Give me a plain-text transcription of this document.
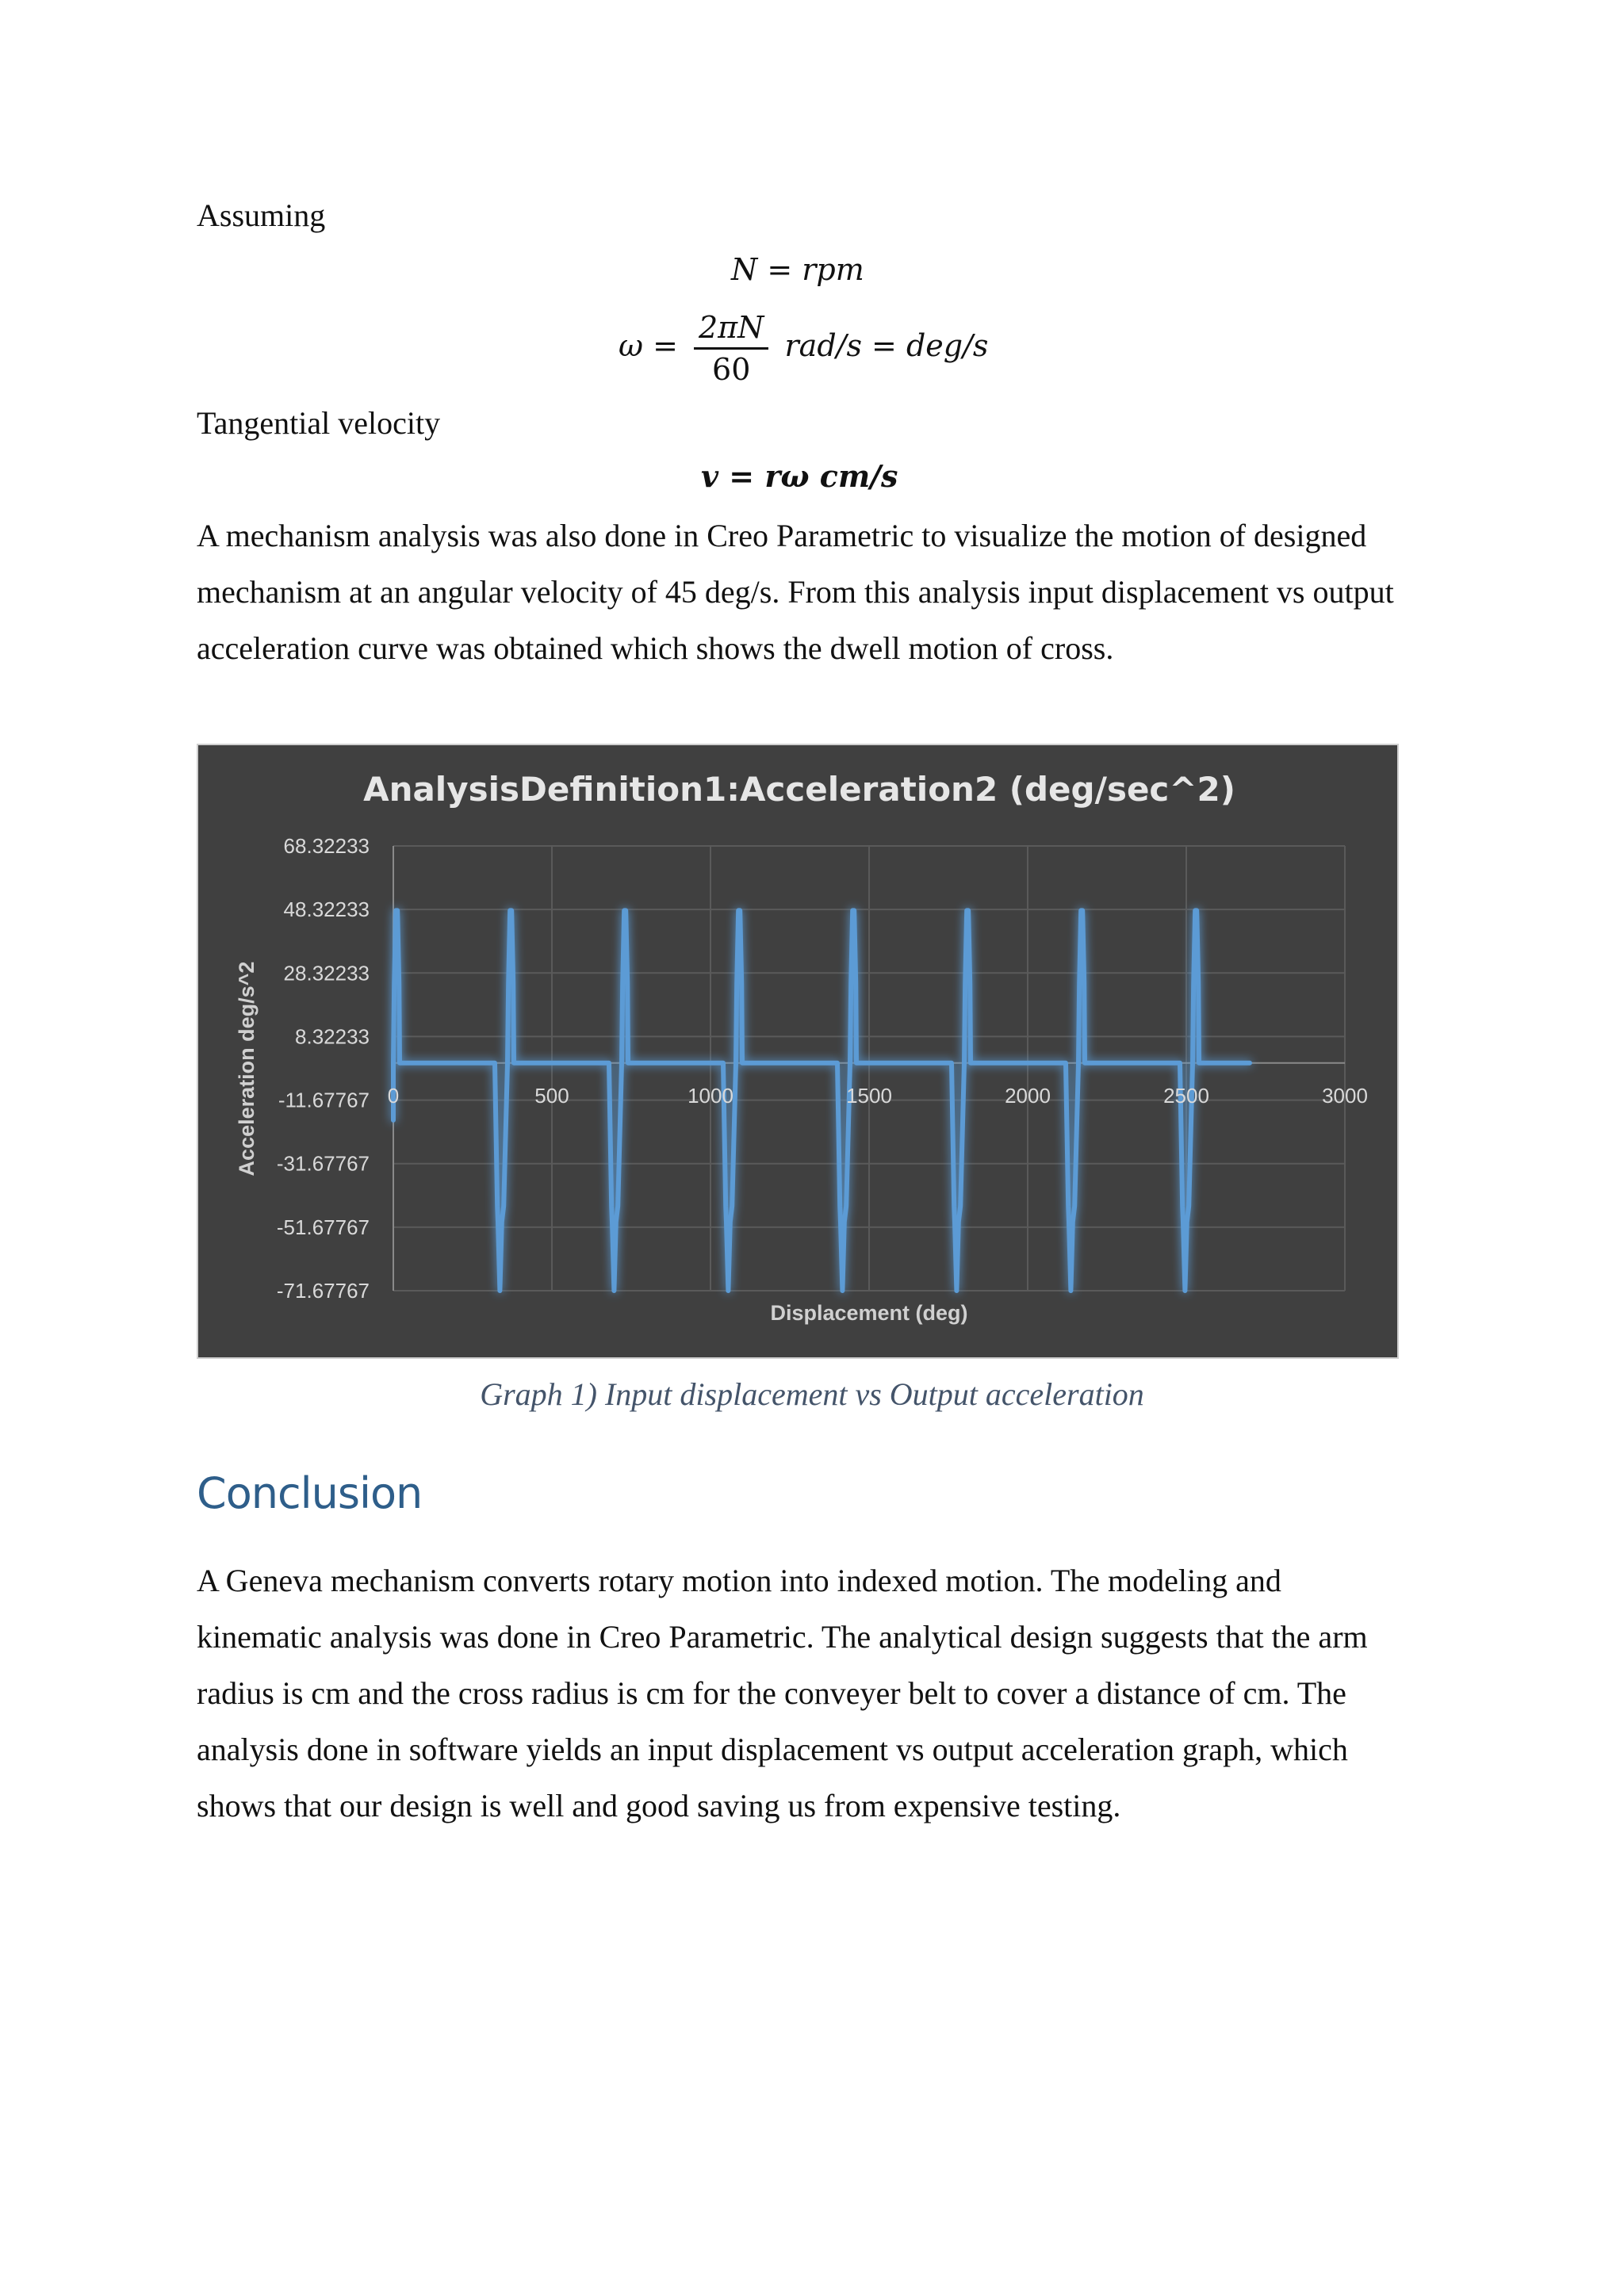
Assuming

N = rpm
$\omega = \frac{2\pi N}{60} rad/s = deg/s$

Tangential velocity

v = rω cm/s

A mechanism analysis was also done in Creo Parametric to visualize the motion of designed mechanism at an angular velocity of 45 deg/s. From this analysis input displacement vs output acceleration curve was obtained which shows the dwell motion of cross.

68.32233
48.32233
28.32233
8.32233
-11.67767
-31.67767
-51.67767
-71.67767
0	500	1000	1500	2000	2500	3000
AnalysisDefinition1:Acceleration2 (deg/sec^2)
Displacement (deg)
Acceleration deg/s^2
Graph 1) Input displacement vs Output acceleration
Conclusion

A Geneva mechanism converts rotary motion into indexed motion. The modeling and kinematic analysis was done in Creo Parametric. The analytical design suggests that the arm radius is cm and the cross radius is cm for the conveyer belt to cover a distance of cm. The analysis done in software yields an input displacement vs output acceleration graph, which shows that our design is well and good saving us from expensive testing.
